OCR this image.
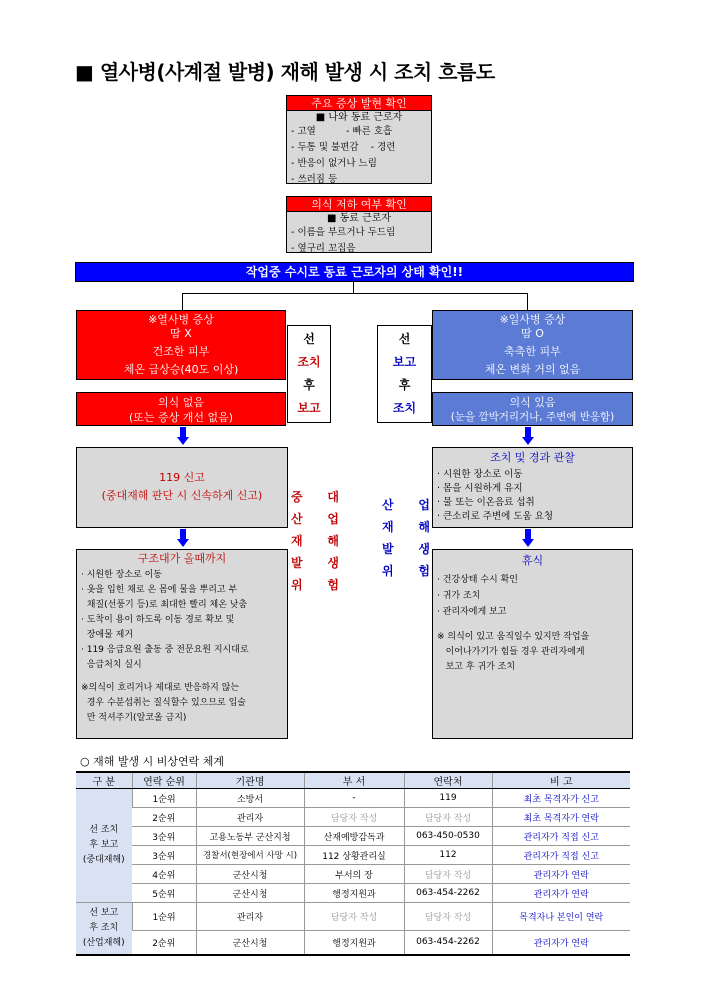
■ 열사병(사계절 발병) 재해 발생 시 조치 흐름도
주요 증상 발현 확인
■ 나와 동료 근로자
- 고열          - 빠른 호흡
- 두통 및 불편감    - 경련
- 반응이 없거나 느림
- 쓰러짐 등
의식 저하 여부 확인
■ 동료 근로자
- 이름을 부르거나 두드림
- 옆구리 꼬집음
작업중 수시로 동료 근로자의 상태 확인!!
※열사병 증상
땀 X
건조한 피부
체온 급상승(40도 이상)
의식 없음
(또는 증상 개선 없음)
선
조치
후
보고
선
보고
후
조치
※일사병 증상
땀 O
축축한 피부
체온 변화 거의 없음
의식 있음
(눈을 깜박거리거나, 주변에 반응함)
119 신고
(중대재해 판단 시 신속하게 신고)	중 대
산 업
재 해
발 생
위 험
조치 및 경과 관찰
· 시원한 장소로 이동
· 몸을 시원하게 유지
· 물 또는 이온음료 섭취
· 큰소리로 주변에 도움 요청
산 업
재 해
발 생
위 험
구조대가 올때까지
· 시원한 장소로 이동
· 옷을 입힌 채로 온 몸에 물을 뿌리고 부
채질(선풍기 등)로 최대한 빨리 체온 낮춤
· 도착이 용이 하도록 이동 경로 확보 및
장애물 제거
· 119 응급요원 출동 중 전문요원 지시대로
응급처치 실시
※의식이 흐리거나 제대로 반응하지 않는
경우 수분섭취는 질식할수 있으므로 입술
만 적셔주기(알코올 금지)
휴식
· 건강상태 수시 확인
· 귀가 조치
· 관리자에게 보고
※ 의식이 있고 움직일수 있지만 작업을
이어나가기가 힘들 경우 관리자에게
보고 후 귀가 조치
○ 재해 발생 시 비상연락 체계
구 분	연락 순위	기관명	부 서	연락처	비 고

선 조치
후 보고
(중대재해)	1순위	소방서	-	119	최초 목격자가 신고
	2순위	관리자	담당자 작성	담당자 작성	최초 목격자가 연락
	3순위	고용노동부 군산지청	산재예방감독과	063-450-0530	관리자가 직접 신고
	3순위	경찰서(현장에서 사망 시)	112 상황관리실	112	관리자가 직접 신고
	4순위	군산시청	부서의 장	담당자 작성	관리자가 연락
	5순위	군산시청	행정지원과	063-454-2262	관리자가 연락

선 보고
후 조치
(산업재해)	1순위	관리자	담당자 작성	담당자 작성	목격자나 본인이 연락
	2순위	군산시청	행정지원과	063-454-2262	관리자가 연락
